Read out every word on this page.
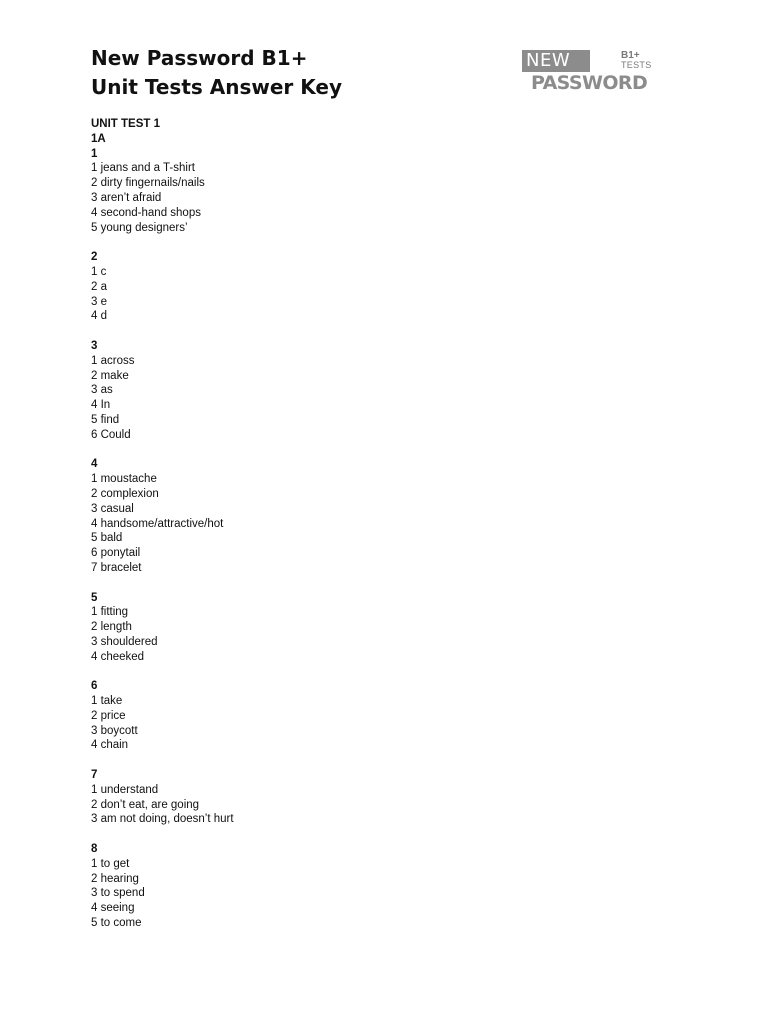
New Password B1+
Unit Tests Answer Key
NEW	B1+
TESTS
PASSWORD
UNIT TEST 1
1A
1
1 jeans and a T-shirt
2 dirty fingernails/nails
3 aren’t afraid
4 second-hand shops
5 young designers’
2
1 c
2 a
3 e
4 d
3
1 across
2 make
3 as
4 In
5 find
6 Could
4
1 moustache
2 complexion
3 casual
4 handsome/attractive/hot
5 bald
6 ponytail
7 bracelet
5
1 fitting
2 length
3 shouldered
4 cheeked
6
1 take
2 price
3 boycott
4 chain
7
1 understand
2 don’t eat, are going
3 am not doing, doesn’t hurt
8
1 to get
2 hearing
3 to spend
4 seeing
5 to come
